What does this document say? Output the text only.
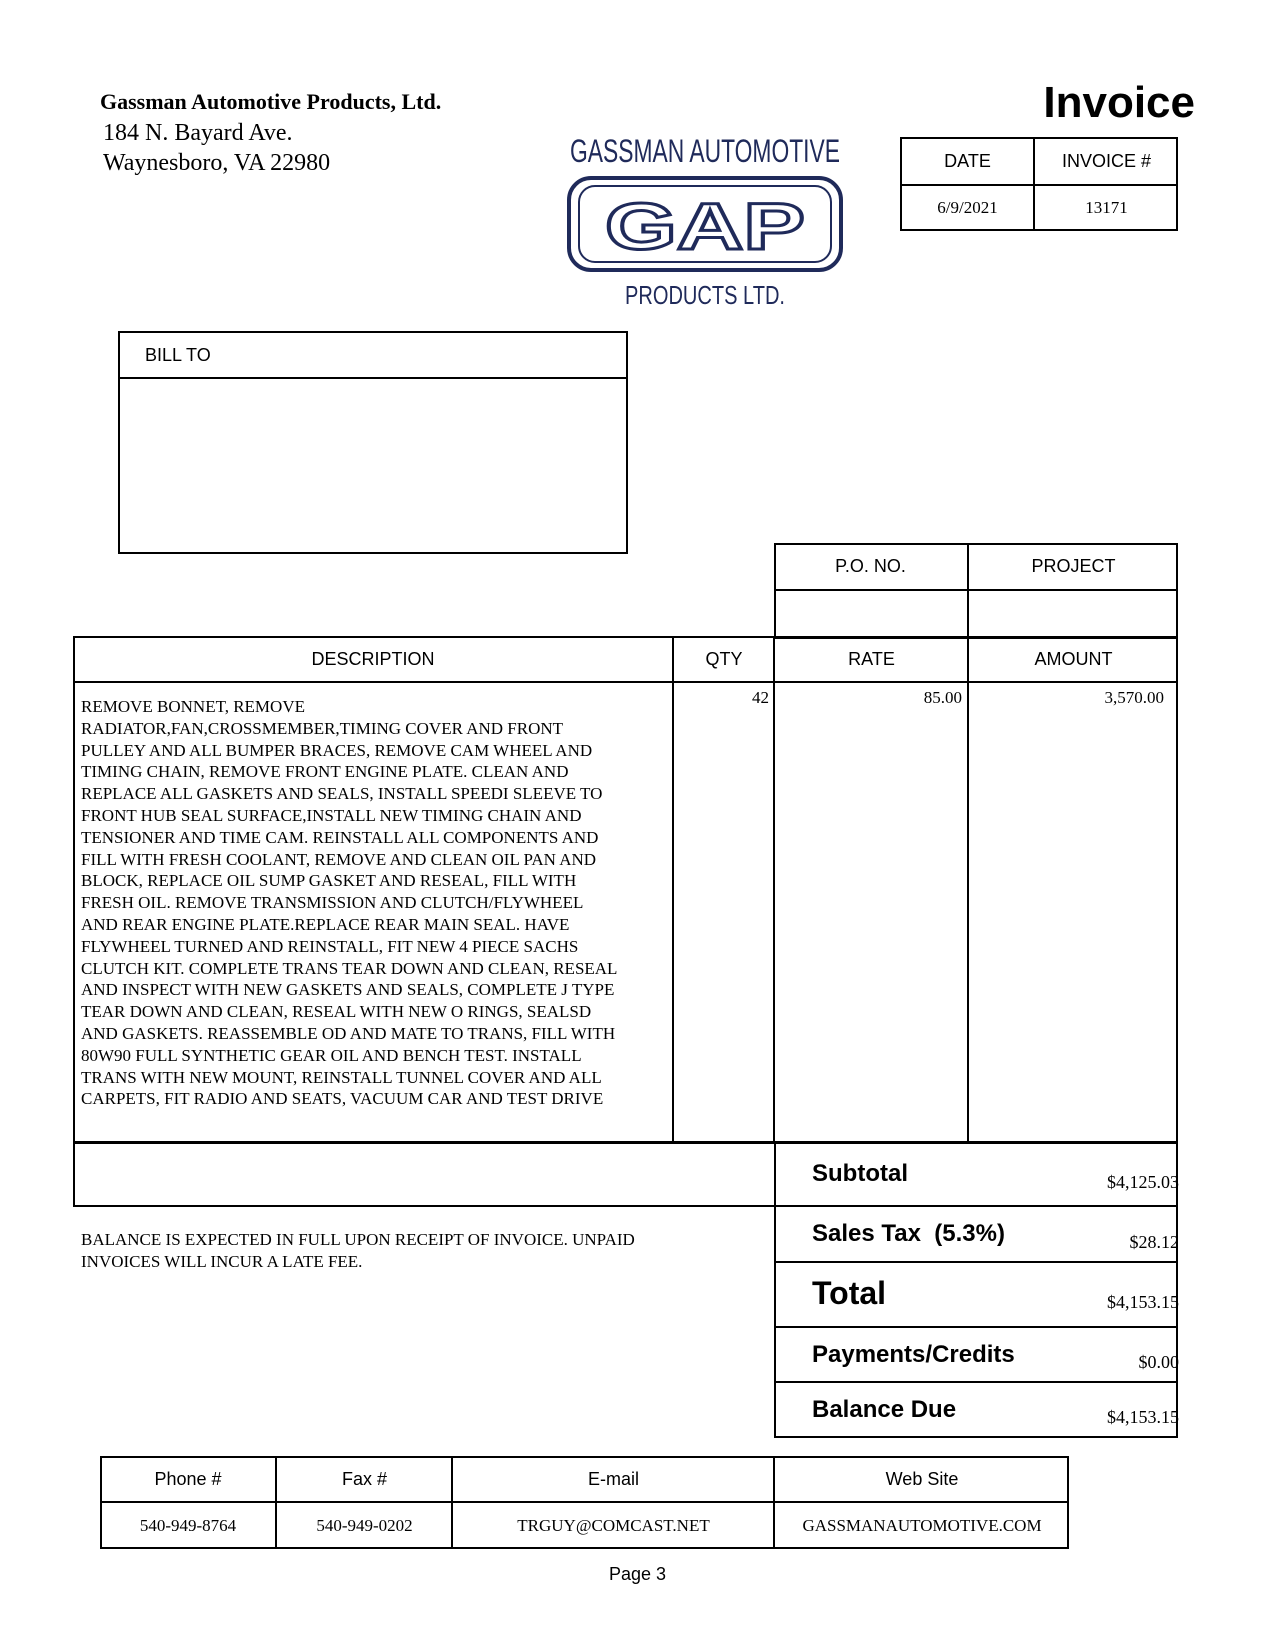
Gassman Automotive Products, Ltd.
184 N. Bayard Ave.
Waynesboro, VA 22980
Invoice
GASSMAN AUTOMOTIVE
GAP
PRODUCTS LTD.
DATE	INVOICE #
6/9/2021	13171
BILL TO
P.O. NO.	PROJECT
DESCRIPTION	QTY	RATE	AMOUNT
REMOVE BONNET, REMOVE
RADIATOR,FAN,CROSSMEMBER,TIMING COVER AND FRONT
PULLEY AND ALL BUMPER BRACES, REMOVE CAM WHEEL AND
TIMING CHAIN, REMOVE FRONT ENGINE PLATE. CLEAN AND
REPLACE ALL GASKETS AND SEALS, INSTALL SPEEDI SLEEVE TO
FRONT HUB SEAL SURFACE,INSTALL NEW TIMING CHAIN AND
TENSIONER AND TIME CAM. REINSTALL ALL COMPONENTS AND
FILL WITH FRESH COOLANT, REMOVE AND CLEAN OIL PAN AND
BLOCK, REPLACE OIL SUMP GASKET AND RESEAL, FILL WITH
FRESH OIL. REMOVE TRANSMISSION AND CLUTCH/FLYWHEEL
AND REAR ENGINE PLATE.REPLACE REAR MAIN SEAL. HAVE
FLYWHEEL TURNED AND REINSTALL, FIT NEW 4 PIECE SACHS
CLUTCH KIT. COMPLETE TRANS TEAR DOWN AND CLEAN, RESEAL
AND INSPECT WITH NEW GASKETS AND SEALS, COMPLETE J TYPE
TEAR DOWN AND CLEAN, RESEAL WITH NEW O RINGS, SEALSD
AND GASKETS. REASSEMBLE OD AND MATE TO TRANS, FILL WITH
80W90 FULL SYNTHETIC GEAR OIL AND BENCH TEST. INSTALL
TRANS WITH NEW MOUNT, REINSTALL TUNNEL COVER AND ALL
CARPETS, FIT RADIO AND SEATS, VACUUM CAR AND TEST DRIVE
42	85.00	3,570.00
BALANCE IS EXPECTED IN FULL UPON RECEIPT OF INVOICE. UNPAID
INVOICES WILL INCUR A LATE FEE.
Subtotal	$4,125.03
Sales Tax  (5.3%)	$28.12
Total	$4,153.15
Payments/Credits	$0.00
Balance Due	$4,153.15
Phone #	Fax #	E-mail	Web Site
540-949-8764	540-949-0202	TRGUY@COMCAST.NET	GASSMANAUTOMOTIVE.COM
Page 3
